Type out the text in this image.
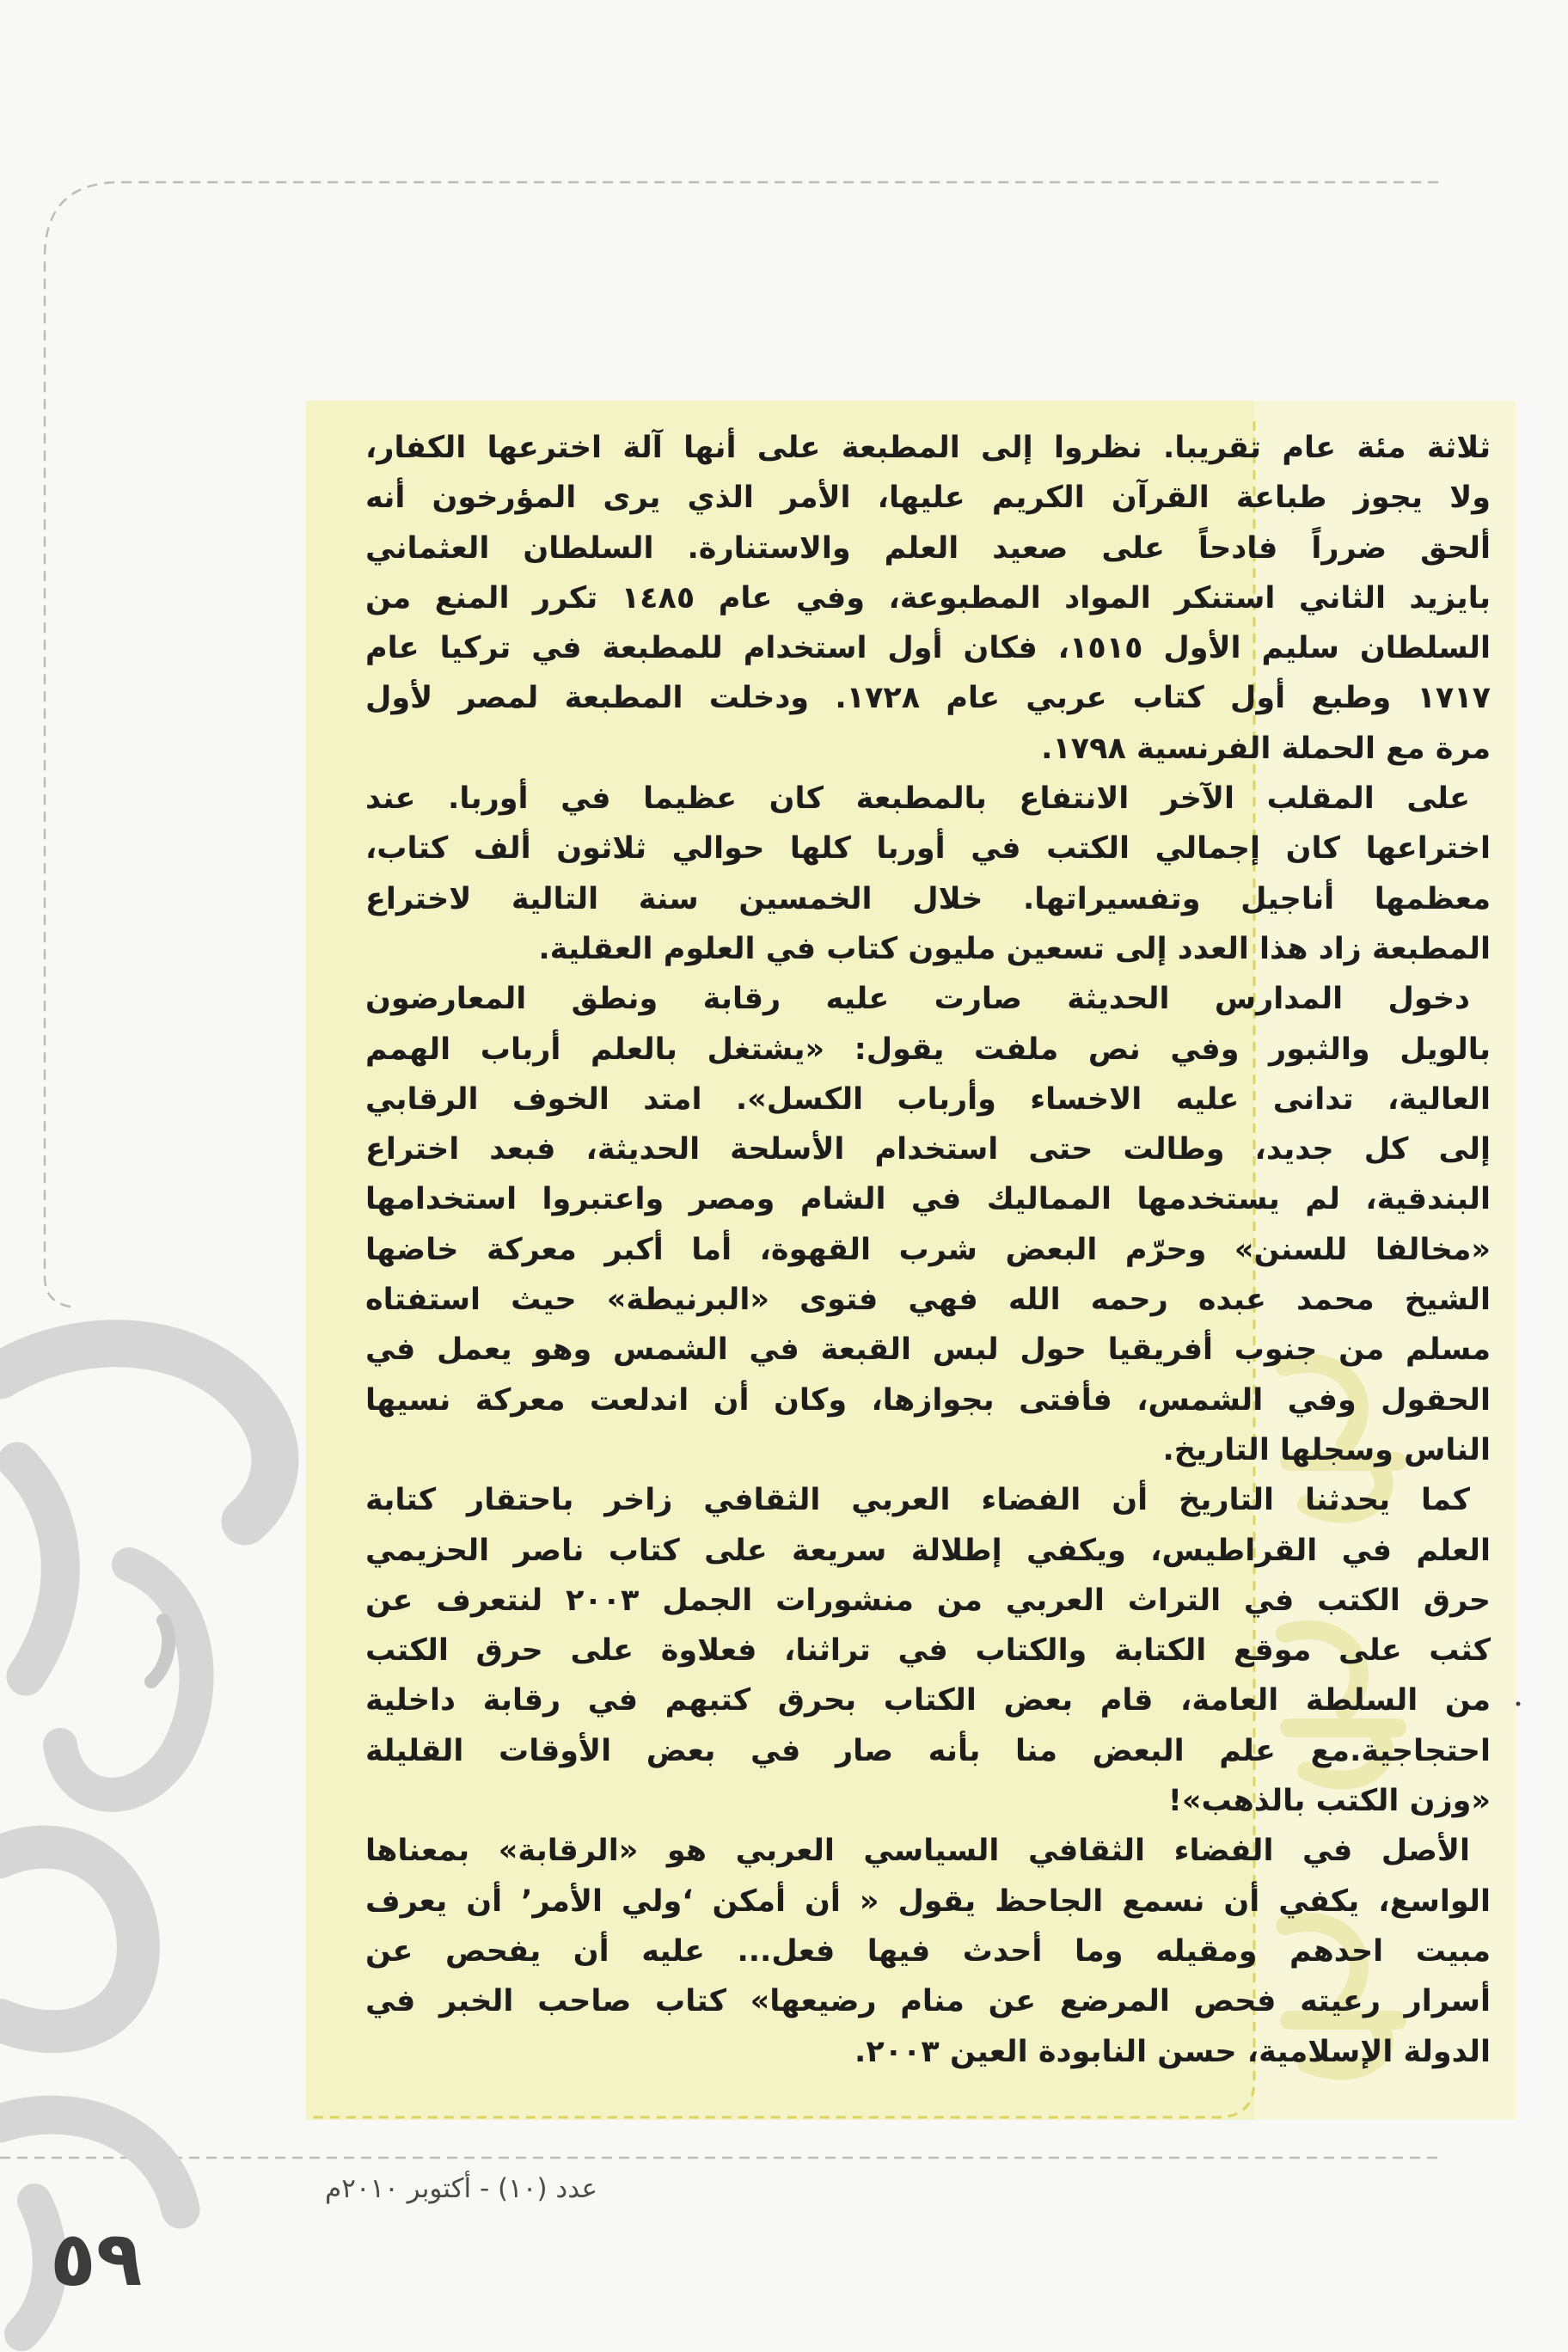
ثلاثة مئة عام تقريبا. نظروا إلى المطبعة على أنها آلة اخترعها الكفار،
ولا يجوز طباعة القرآن الكريم عليها، الأمر الذي يرى المؤرخون أنه
ألحق ضرراً فادحاً على صعيد العلم والاستنارة. السلطان العثماني
بايزيد الثاني استنكر المواد المطبوعة، وفي عام ١٤٨٥ تكرر المنع من
السلطان سليم الأول ١٥١٥، فكان أول استخدام للمطبعة في تركيا عام
١٧١٧ وطبع أول كتاب عربي عام ١٧٢٨. ودخلت المطبعة لمصر لأول
مرة مع الحملة الفرنسية ١٧٩٨.
على المقلب الآخر الانتفاع بالمطبعة كان عظيما في أوربا. عند
اختراعها كان إجمالي الكتب في أوربا كلها حوالي ثلاثون ألف كتاب،
معظمها أناجيل وتفسيراتها. خلال الخمسين سنة التالية لاختراع
المطبعة زاد هذا العدد إلى تسعين مليون كتاب في العلوم العقلية.
دخول المدارس الحديثة صارت عليه رقابة ونطق المعارضون
بالويل والثبور وفي نص ملفت يقول: «يشتغل بالعلم أرباب الهمم
العالية، تدانى عليه الاخساء وأرباب الكسل». امتد الخوف الرقابي
إلى كل جديد، وطالت حتى استخدام الأسلحة الحديثة، فبعد اختراع
البندقية، لم يستخدمها المماليك في الشام ومصر واعتبروا استخدامها
«مخالفا للسنن» وحرّم البعض شرب القهوة، أما أكبر معركة خاضها
الشيخ محمد عبده رحمه الله فهي فتوى «البرنيطة» حيث استفتاه
مسلم من جنوب أفريقيا حول لبس القبعة في الشمس وهو يعمل في
الحقول وفي الشمس، فأفتى بجوازها، وكان أن اندلعت معركة نسيها
الناس وسجلها التاريخ.
كما يحدثنا التاريخ أن الفضاء العربي الثقافي زاخر باحتقار كتابة
العلم في القراطيس، ويكفي إطلالة سريعة على كتاب ناصر الحزيمي
حرق الكتب في التراث العربي من منشورات الجمل ٢٠٠٣ لنتعرف عن
كثب على موقع الكتابة والكتاب في تراثنا، فعلاوة على حرق الكتب
من السلطة العامة، قام بعض الكتاب بحرق كتبهم في رقابة داخلية
احتجاجية.مع علم البعض منا بأنه صار في بعض الأوقات القليلة
«وزن الكتب بالذهب»!
الأصل في الفضاء الثقافي السياسي العربي هو «الرقابة» بمعناها
الواسع، يكفي أن نسمع الجاحظ يقول « أن أمكن ‘ولي الأمر’ أن يعرف
مبيت احدهم ومقيله وما أحدث فيها فعل... عليه أن يفحص عن
أسرار رعيته فحص المرضع عن منام رضيعها» كتاب صاحب الخبر في
الدولة الإسلامية، حسن النابودة العين ٢٠٠٣.
عدد (١٠) - أكتوبر ٢٠١٠م
٥٩
